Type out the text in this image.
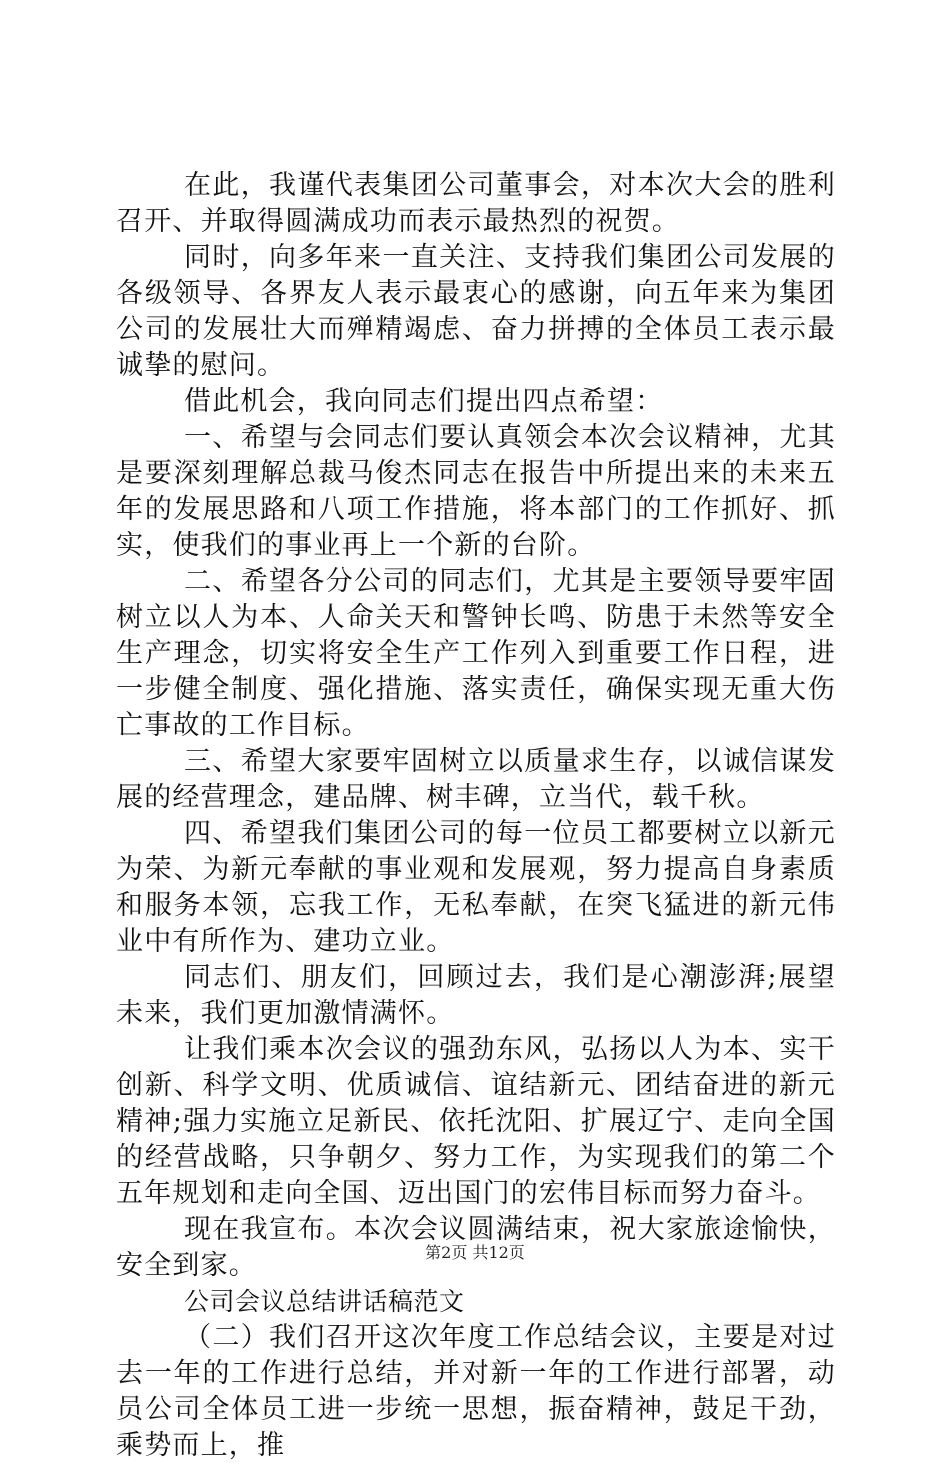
在此，我谨代表集团公司董事会，对本次大会的胜利召开、并取得圆满成功而表示最热烈的祝贺。

同时，向多年来一直关注、支持我们集团公司发展的各级领导、各界友人表示最衷心的感谢，向五年来为集团公司的发展壮大而殚精竭虑、奋力拼搏的全体员工表示最诚挚的慰问。

借此机会，我向同志们提出四点希望：

一、希望与会同志们要认真领会本次会议精神，尤其是要深刻理解总裁马俊杰同志在报告中所提出来的未来五年的发展思路和八项工作措施，将本部门的工作抓好、抓实，使我们的事业再上一个新的台阶。

二、希望各分公司的同志们，尤其是主要领导要牢固树立以人为本、人命关天和警钟长鸣、防患于未然等安全生产理念，切实将安全生产工作列入到重要工作日程，进一步健全制度、强化措施、落实责任，确保实现无重大伤亡事故的工作目标。

三、希望大家要牢固树立以质量求生存，以诚信谋发展的经营理念，建品牌、树丰碑，立当代，载千秋。

四、希望我们集团公司的每一位员工都要树立以新元为荣、为新元奉献的事业观和发展观，努力提高自身素质和服务本领，忘我工作，无私奉献，在突飞猛进的新元伟业中有所作为、建功立业。

同志们、朋友们，回顾过去，我们是心潮澎湃;展望未来，我们更加激情满怀。

让我们乘本次会议的强劲东风，弘扬以人为本、实干创新、科学文明、优质诚信、谊结新元、团结奋进的新元精神;强力实施立足新民、依托沈阳、扩展辽宁、走向全国的经营战略，只争朝夕、努力工作，为实现我们的第二个五年规划和走向全国、迈出国门的宏伟目标而努力奋斗。

现在我宣布。本次会议圆满结束，祝大家旅途愉快，安全到家。

公司会议总结讲话稿范文

（二）我们召开这次年度工作总结会议，主要是对过去一年的工作进行总结，并对新一年的工作进行部署，动员公司全体员工进一步统一思想，振奋精神，鼓足干劲，乘势而上，推

第2页 共12页
